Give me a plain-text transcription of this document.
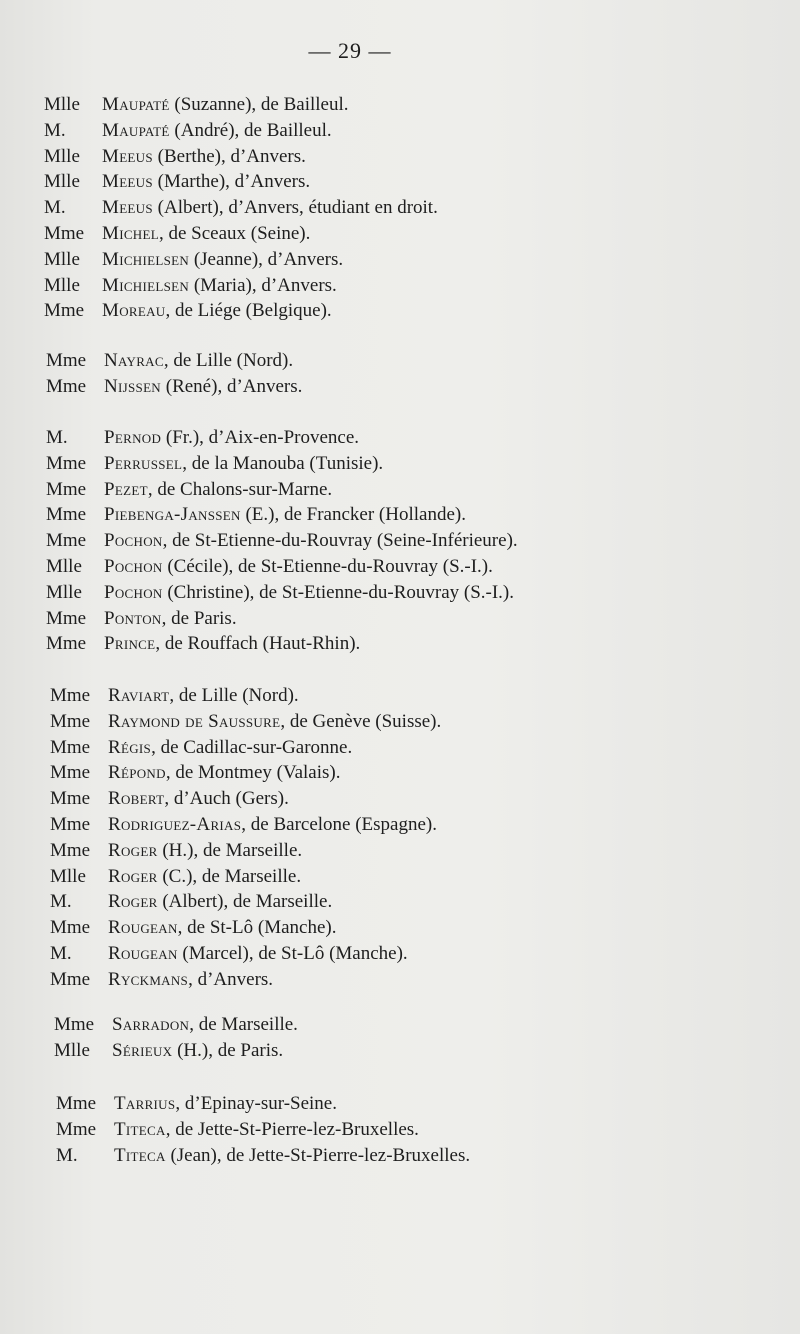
— 29 —
Mlle	Maupaté (Suzanne), de Bailleul.
M.	Maupaté (André), de Bailleul.
Mlle	Meeus (Berthe), d’Anvers.
Mlle	Meeus (Marthe), d’Anvers.
M.	Meeus (Albert), d’Anvers, étudiant en droit.
Mme Michel, de Sceaux (Seine).
Mlle	Michielsen (Jeanne), d’Anvers.
Mlle	Michielsen (Maria), d’Anvers.
Mme Moreau, de Liége (Belgique).
Mme Nayrac, de Lille (Nord).
Mme Nijssen (René), d’Anvers.
M.	Pernod (Fr.), d’Aix-en-Provence.
Mme Perrussel, de la Manouba (Tunisie).
Mme Pezet, de Chalons-sur-Marne.
Mme Piebenga-Janssen (E.), de Francker (Hollande).
Mme Pochon, de St-Etienne-du-Rouvray (Seine-Inférieure).
Mlle	Pochon (Cécile), de St-Etienne-du-Rouvray (S.-I.).
Mlle	Pochon (Christine), de St-Etienne-du-Rouvray (S.-I.).
Mme Ponton, de Paris.
Mme Prince, de Rouffach (Haut-Rhin).
Mme Raviart, de Lille (Nord).
Mme Raymond de Saussure, de Genève (Suisse).
Mme Régis, de Cadillac-sur-Garonne.
Mme Répond, de Montmey (Valais).
Mme Robert, d’Auch (Gers).
Mme Rodriguez-Arias, de Barcelone (Espagne).
Mme Roger (H.), de Marseille.
Mlle	Roger (C.), de Marseille.
M.	Roger (Albert), de Marseille.
Mme Rougean, de St-Lô (Manche).
M.	Rougean (Marcel), de St-Lô (Manche).
Mme Ryckmans, d’Anvers.
Mme Sarradon, de Marseille.
Mlle	Sérieux (H.), de Paris.
Mme Tarrius, d’Epinay-sur-Seine.
Mme Titeca, de Jette-St-Pierre-lez-Bruxelles.
M.	Titeca (Jean), de Jette-St-Pierre-lez-Bruxelles.
